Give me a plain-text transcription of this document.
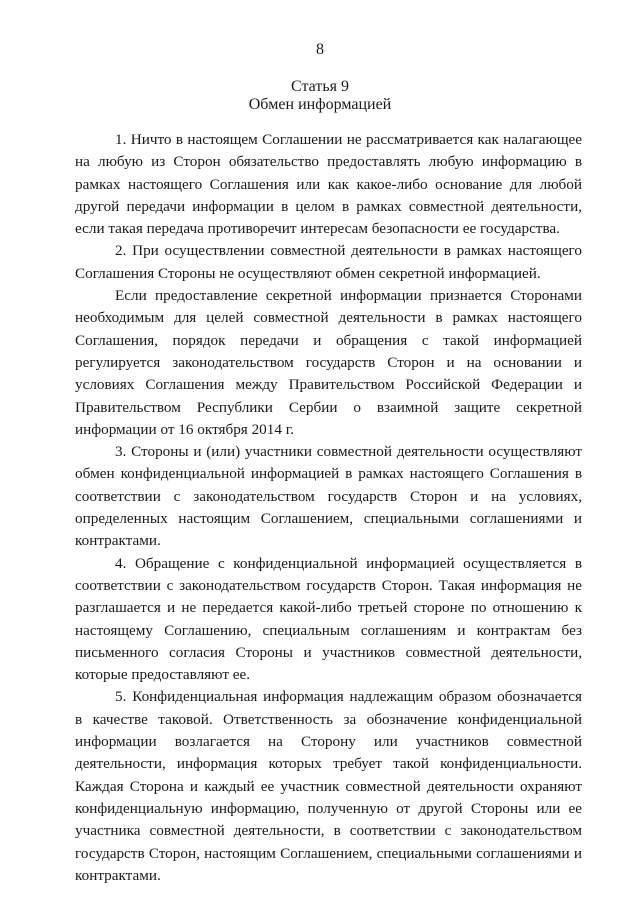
8
Статья 9
Обмен информацией

1. Ничто в настоящем Соглашении не рассматривается как налагающее на любую из Сторон обязательство предоставлять любую информацию в рамках настоящего Соглашения или как какое-либо основание для любой другой передачи информации в целом в рамках совместной деятельности, если такая передача противоречит интересам безопасности ее государства.

2. При осуществлении совместной деятельности в рамках настоящего Соглашения Стороны не осуществляют обмен секретной информацией.

Если предоставление секретной информации признается Сторонами необходимым для целей совместной деятельности в рамках настоящего Соглашения, порядок передачи и обращения с такой информацией регулируется законодательством государств Сторон и на основании и условиях Соглашения между Правительством Российской Федерации и Правительством Республики Сербии о взаимной защите секретной информации от 16 октября 2014 г.

3. Стороны и (или) участники совместной деятельности осуществляют обмен конфиденциальной информацией в рамках настоящего Соглашения в соответствии с законодательством государств Сторон и на условиях, определенных настоящим Соглашением, специальными соглашениями и контрактами.

4. Обращение с конфиденциальной информацией осуществляется в соответствии с законодательством государств Сторон. Такая информация не разглашается и не передается какой-либо третьей стороне по отношению к настоящему Соглашению, специальным соглашениям и контрактам без письменного согласия Стороны и участников совместной деятельности, которые предоставляют ее.

5. Конфиденциальная информация надлежащим образом обозначается в качестве таковой. Ответственность за обозначение конфиденциальной информации возлагается на Сторону или участников совместной деятельности, информация которых требует такой конфиденциальности. Каждая Сторона и каждый ее участник совместной деятельности охраняют конфиденциальную информацию, полученную от другой Стороны или ее участника совместной деятельности, в соответствии с законодательством государств Сторон, настоящим Соглашением, специальными соглашениями и контрактами.
